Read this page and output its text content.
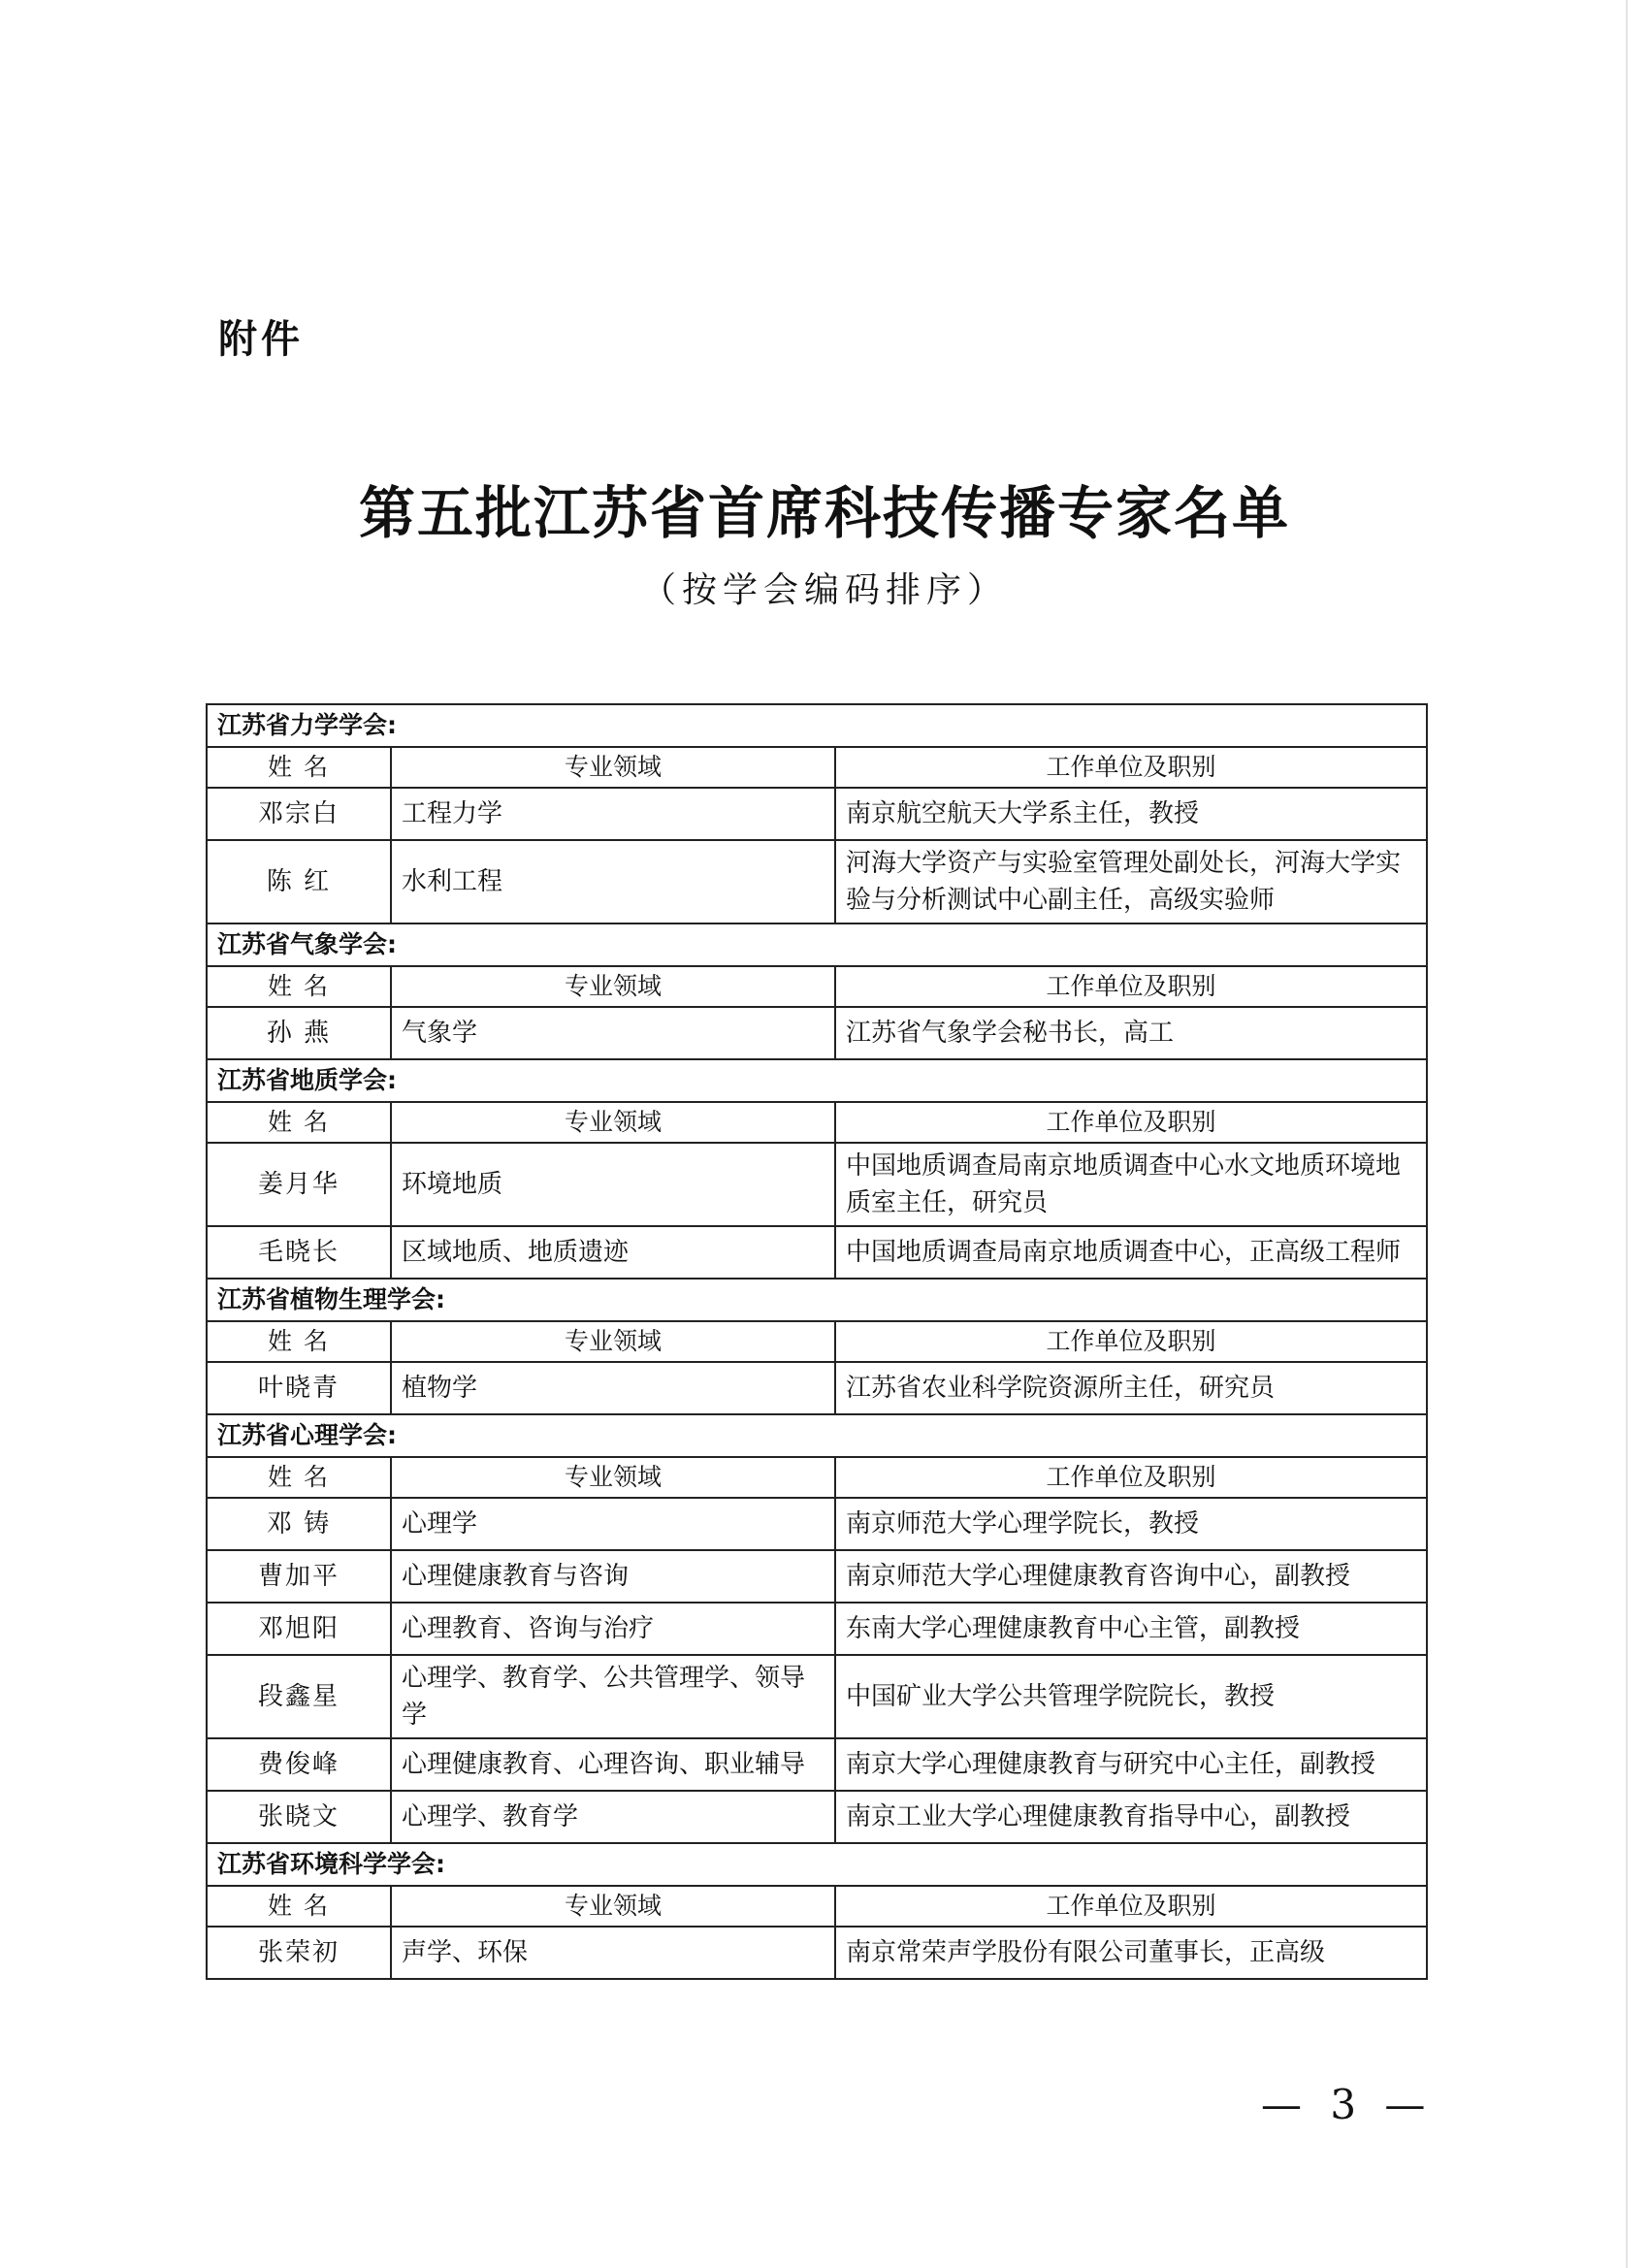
附件
第五批江苏省首席科技传播专家名单
（按学会编码排序）
江苏省力学学会:		
姓 名	专业领域	工作单位及职别
邓宗白	工程力学	南京航空航天大学系主任，教授
陈 红	水利工程	河海大学资产与实验室管理处副处长，河海大学实验与分析测试中心副主任，高级实验师
江苏省气象学会:		
姓 名	专业领域	工作单位及职别
孙 燕	气象学	江苏省气象学会秘书长，高工
江苏省地质学会:		
姓 名	专业领域	工作单位及职别
姜月华	环境地质	中国地质调查局南京地质调查中心水文地质环境地质室主任，研究员
毛晓长	区域地质、地质遗迹	中国地质调查局南京地质调查中心，正高级工程师
江苏省植物生理学会:		
姓 名	专业领域	工作单位及职别
叶晓青	植物学	江苏省农业科学院资源所主任，研究员
江苏省心理学会:		
姓 名	专业领域	工作单位及职别
邓 铸	心理学	南京师范大学心理学院长，教授
曹加平	心理健康教育与咨询	南京师范大学心理健康教育咨询中心，副教授
邓旭阳	心理教育、咨询与治疗	东南大学心理健康教育中心主管，副教授
段鑫星	心理学、教育学、公共管理学、领导学	中国矿业大学公共管理学院院长，教授
费俊峰	心理健康教育、心理咨询、职业辅导	南京大学心理健康教育与研究中心主任，副教授
张晓文	心理学、教育学	南京工业大学心理健康教育指导中心，副教授
江苏省环境科学学会:		
姓 名	专业领域	工作单位及职别
张荣初	声学、环保	南京常荣声学股份有限公司董事长，正高级
— 3 —
